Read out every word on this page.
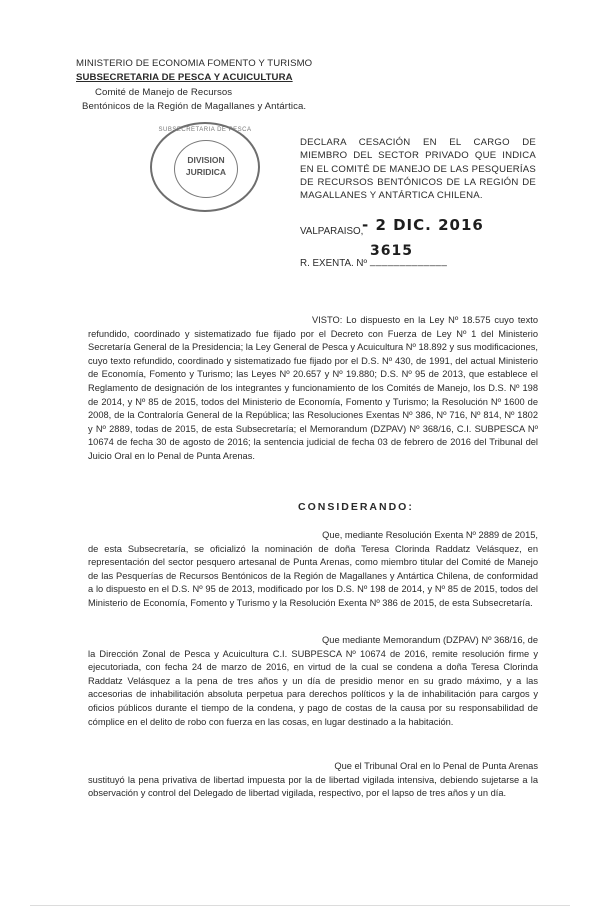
MINISTERIO DE ECONOMIA FOMENTO Y TURISMO
SUBSECRETARIA DE PESCA Y ACUICULTURA
Comité de Manejo de Recursos
Bentónicos de la Región de Magallanes y Antártica.
SUBSECRETARIA DE PESCA
DIVISION
JURIDICA
DECLARA CESACIÓN EN EL CARGO DE MIEMBRO DEL SECTOR PRIVADO QUE INDICA EN EL COMITÉ DE MANEJO DE LAS PESQUERÍAS DE RECURSOS BENTÓNICOS DE LA REGIÓN DE MAGALLANES Y ANTÁRTICA CHILENA.
VALPARAISO,
- 2 DIC. 2016
3615
R. EXENTA. Nº _____________
VISTO: Lo dispuesto en la Ley Nº 18.575 cuyo texto refundido, coordinado y sistematizado fue fijado por el Decreto con Fuerza de Ley Nº 1 del Ministerio Secretaría General de la Presidencia; la Ley General de Pesca y Acuicultura Nº 18.892 y sus modificaciones, cuyo texto refundido, coordinado y sistematizado fue fijado por el D.S. Nº 430, de 1991, del actual Ministerio de Economía, Fomento y Turismo; las Leyes Nº 20.657 y Nº 19.880; D.S. Nº 95 de 2013, que establece el Reglamento de designación de los integrantes y funcionamiento de los Comités de Manejo, los D.S. Nº 198 de 2014, y Nº 85 de 2015, todos del Ministerio de Economía, Fomento y Turismo; la Resolución Nº 1600 de 2008, de la Contraloría General de la República; las Resoluciones Exentas Nº 386, Nº 716, Nº 814, Nº 1802 y Nº 2889, todas de 2015, de esta Subsecretaría; el Memorandum (DZPAV) Nº 368/16, C.I. SUBPESCA Nº 10674 de fecha 30 de agosto de 2016; la sentencia judicial de fecha 03 de febrero de 2016 del Tribunal del Juicio Oral en lo Penal de Punta Arenas.
CONSIDERANDO:
Que, mediante Resolución Exenta Nº 2889 de 2015,
de esta Subsecretaría, se oficializó la nominación de doña Teresa Clorinda Raddatz Velásquez, en representación del sector pesquero artesanal de Punta Arenas, como miembro titular del Comité de Manejo de las Pesquerías de Recursos Bentónicos de la Región de Magallanes y Antártica Chilena, de conformidad a lo dispuesto en el D.S. Nº 95 de 2013, modificado por los D.S. Nº 198 de 2014, y Nº 85 de 2015, todos del Ministerio de Economía, Fomento y Turismo y la Resolución Exenta Nº 386 de 2015, de esta Subsecretaría.
Que mediante Memorandum (DZPAV) Nº 368/16, de
la Dirección Zonal de Pesca y Acuicultura C.I. SUBPESCA Nº 10674 de 2016, remite resolución firme y ejecutoriada, con fecha 24 de marzo de 2016, en virtud de la cual se condena a doña Teresa Clorinda Raddatz Velásquez a la pena de tres años y un día de presidio menor en su grado máximo, y a las accesorias de inhabilitación absoluta perpetua para derechos políticos y la de inhabilitación para cargos y oficios públicos durante el tiempo de la condena, y pago de costas de la causa por su responsabilidad de cómplice en el delito de robo con fuerza en las cosas, en lugar destinado a la habitación.
Que el Tribunal Oral en lo Penal de Punta Arenas
sustituyó la pena privativa de libertad impuesta por la de libertad vigilada intensiva, debiendo sujetarse a la observación y control del Delegado de libertad vigilada, respectivo, por el lapso de tres años y un día.
